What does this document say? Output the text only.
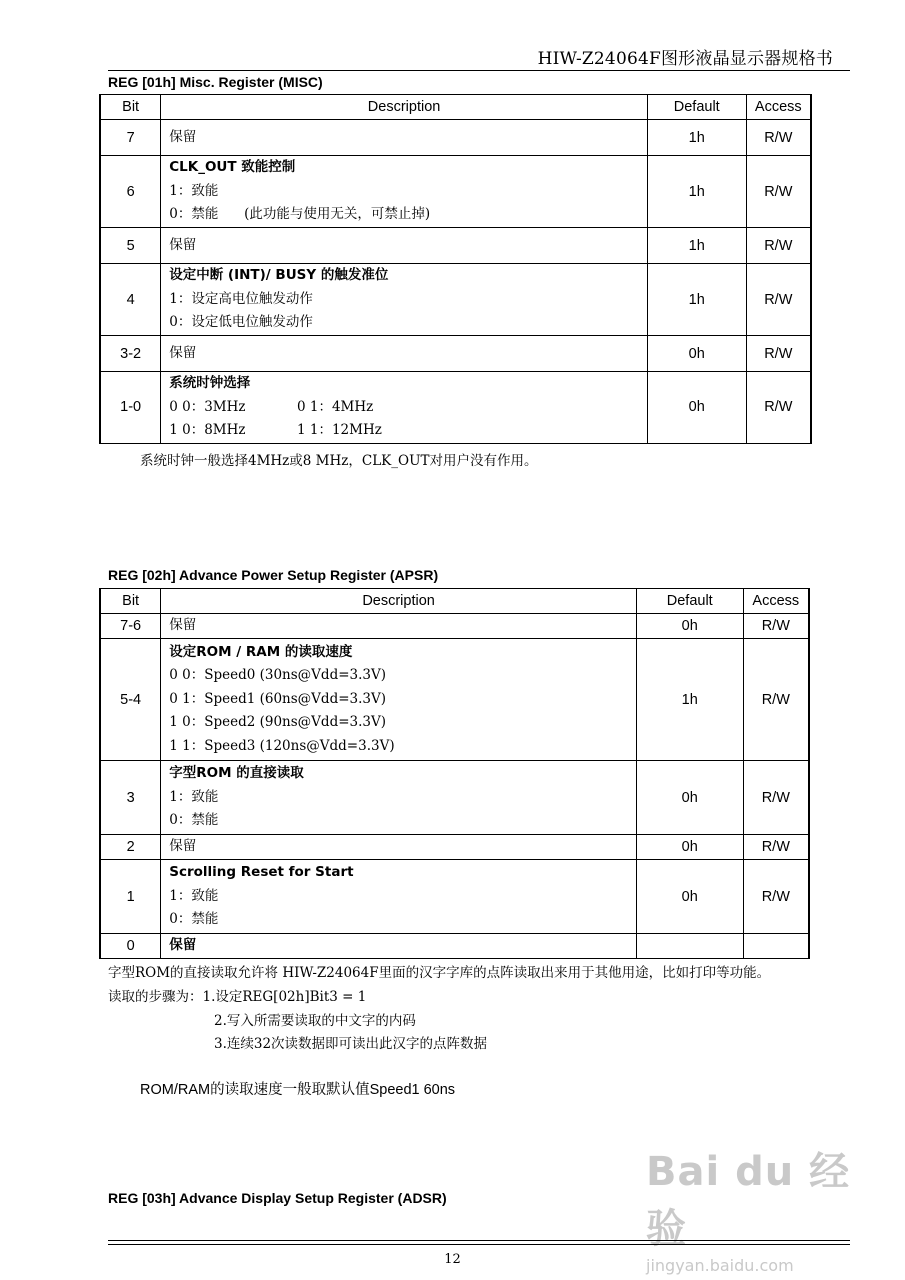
HIW-Z24064F图形液晶显示器规格书
REG [01h] Misc. Register (MISC)
Bit	Description	Default	Access
7	保留	1h	R/W
6	CLK_OUT 致能控制
1：致能
0：禁能      (此功能与使用无关，可禁止掉)	1h	R/W
5	保留	1h	R/W
4	设定中断 (INT)/ BUSY 的触发准位
1：设定高电位触发动作
0：设定低电位触发动作	1h	R/W
3-2	保留	0h	R/W
1-0	系统时钟选择
0 0：3MHz            0 1：4MHz
1 0：8MHz            1 1：12MHz	0h	R/W
系统时钟一般选择4MHz或8 MHz，CLK_OUT对用户没有作用。
REG [02h] Advance Power Setup Register (APSR)
Bit	Description	Default	Access
7-6	保留	0h	R/W
5-4	设定ROM / RAM 的读取速度
0 0：Speed0 (30ns@Vdd=3.3V)
0 1：Speed1 (60ns@Vdd=3.3V)
1 0：Speed2 (90ns@Vdd=3.3V)
1 1：Speed3 (120ns@Vdd=3.3V)	1h	R/W
3	字型ROM 的直接读取
1：致能
0：禁能	0h	R/W
2	保留	0h	R/W
1	Scrolling Reset for Start
1：致能
0：禁能	0h	R/W
0	保留		

字型ROM的直接读取允许将 HIW-Z24064F里面的汉字字库的点阵读取出来用于其他用途，比如打印等功能。
读取的步骤为：1.设定REG[02h]Bit3 = 1
2.写入所需要读取的中文字的内码
3.连续32次读数据即可读出此汉字的点阵数据
ROM/RAM的读取速度一般取默认值Speed1 60ns
REG [03h] Advance Display Setup Register (ADSR)
Bai du 经验
jingyan.baidu.com
12
